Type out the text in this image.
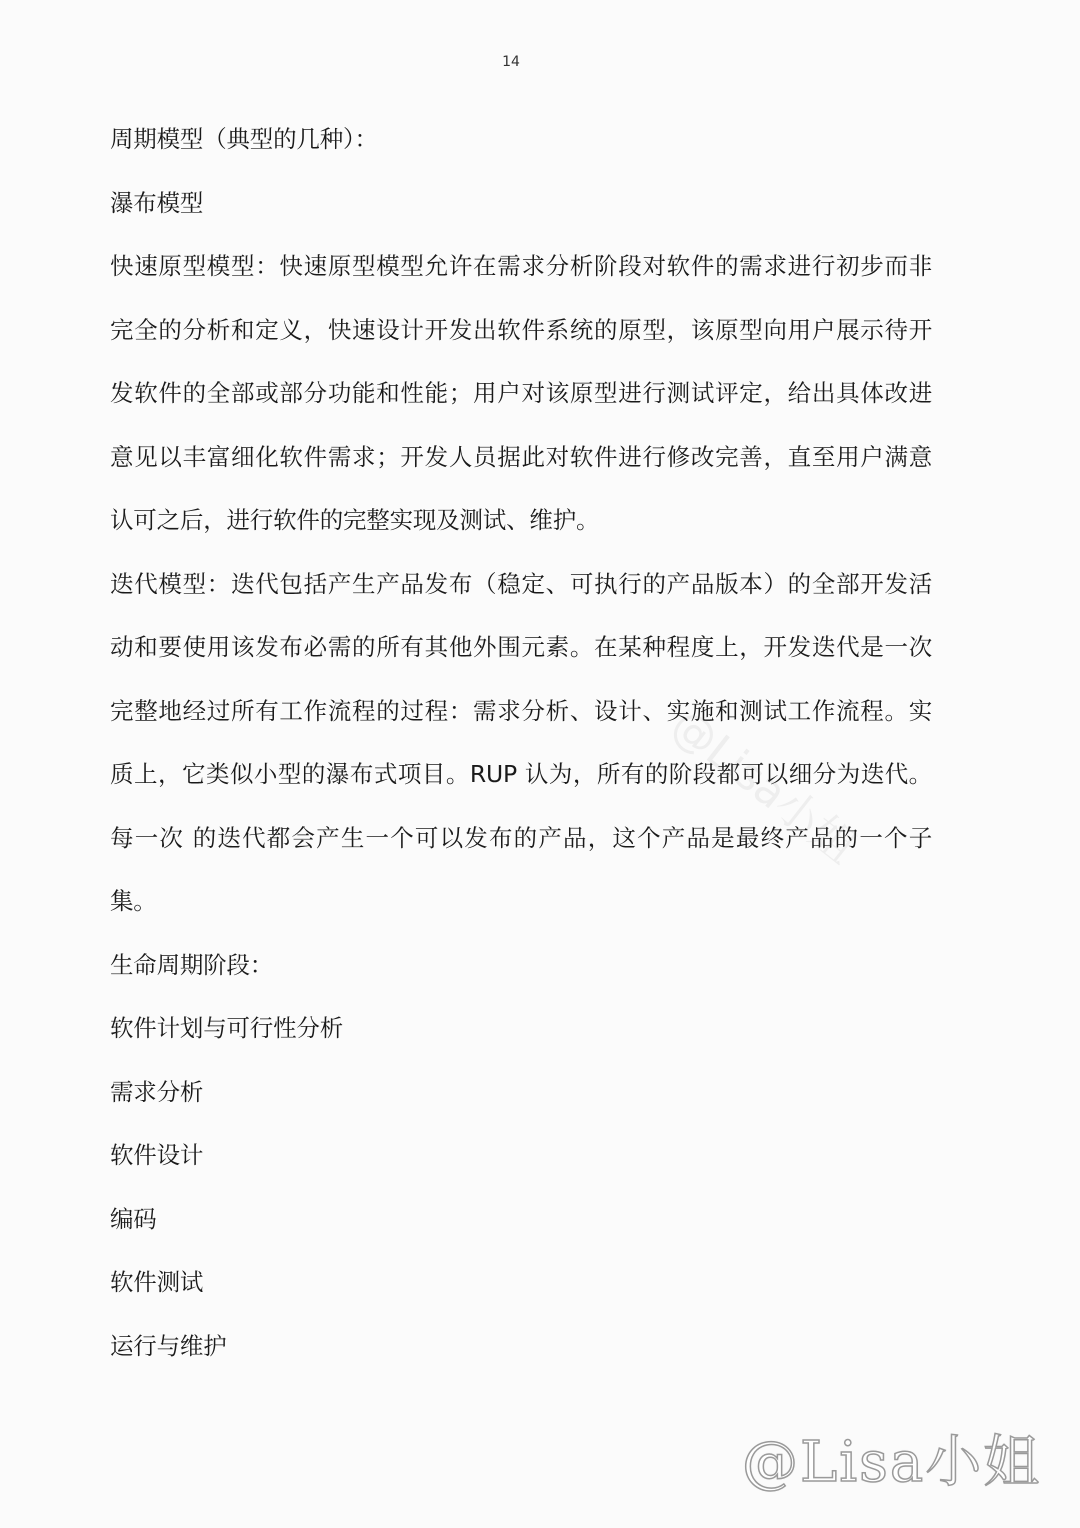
14
周期模型（典型的几种）：
瀑布模型
快速原型模型：快速原型模型允许在需求分析阶段对软件的需求进行初步而非
完全的分析和定义，快速设计开发出软件系统的原型，该原型向用户展示待开
发软件的全部或部分功能和性能；用户对该原型进行测试评定，给出具体改进
意见以丰富细化软件需求；开发人员据此对软件进行修改完善，直至用户满意
认可之后，进行软件的完整实现及测试、维护。
迭代模型：迭代包括产生产品发布（稳定、可执行的产品版本）的全部开发活
动和要使用该发布必需的所有其他外围元素。在某种程度上，开发迭代是一次
完整地经过所有工作流程的过程：需求分析、设计、实施和测试工作流程。实
质上，它类似小型的瀑布式项目。RUP 认为，所有的阶段都可以细分为迭代。
每一次 的迭代都会产生一个可以发布的产品，这个产品是最终产品的一个子
集。
生命周期阶段：
软件计划与可行性分析
需求分析
软件设计
编码
软件测试
运行与维护
@Lisa小姐
@Lisa小姐
